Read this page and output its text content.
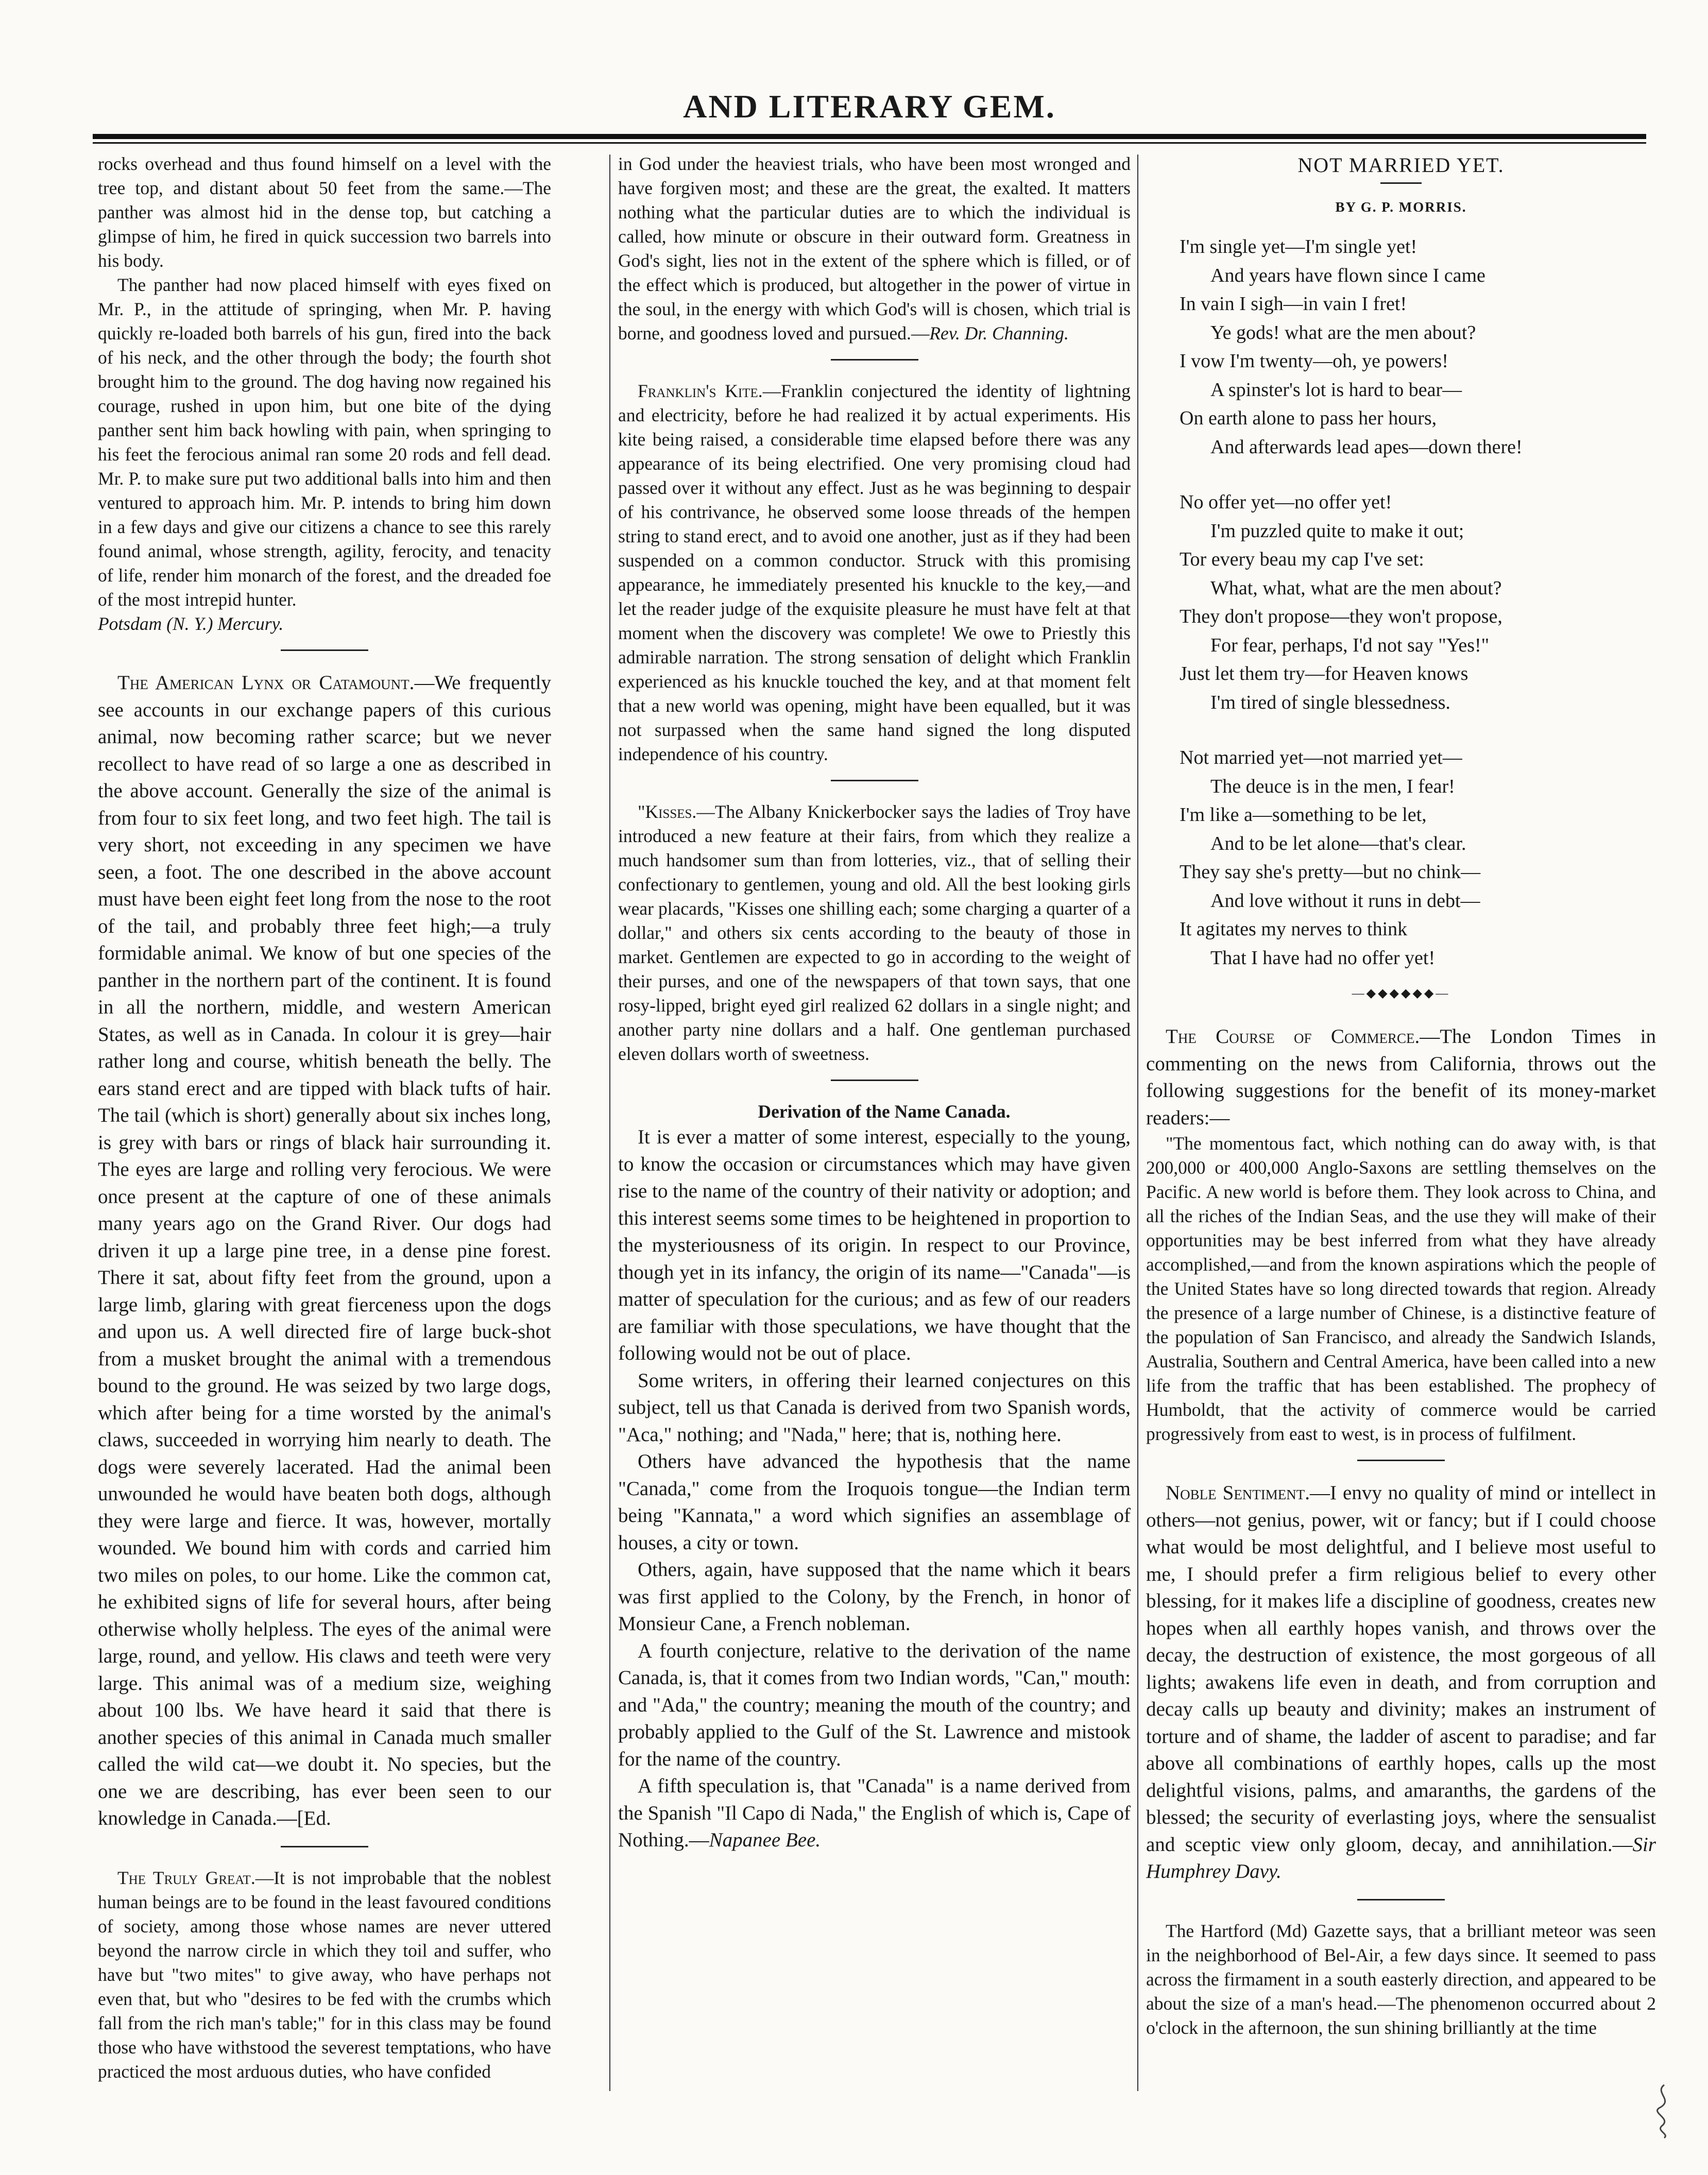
AND LITERARY GEM.

rocks overhead and thus found himself on a level with the tree top, and distant about 50 feet from the same.—The panther was almost hid in the dense top, but catching a glimpse of him, he fired in quick succession two barrels into his body.

The panther had now placed himself with eyes fixed on Mr. P., in the attitude of springing, when Mr. P. having quickly re-loaded both barrels of his gun, fired into the back of his neck, and the other through the body; the fourth shot brought him to the ground. The dog having now regained his courage, rushed in upon him, but one bite of the dying panther sent him back howling with pain, when springing to his feet the ferocious animal ran some 20 rods and fell dead. Mr. P. to make sure put two additional balls into him and then ventured to approach him. Mr. P. intends to bring him down in a few days and give our citizens a chance to see this rarely found animal, whose strength, agility, ferocity, and tenacity of life, render him monarch of the forest, and the dreaded foe of the most intrepid hunter.

Potsdam (N. Y.) Mercury.

The American Lynx or Catamount.—We frequently see accounts in our exchange papers of this curious animal, now becoming rather scarce; but we never recollect to have read of so large a one as described in the above account. Generally the size of the animal is from four to six feet long, and two feet high. The tail is very short, not exceeding in any specimen we have seen, a foot. The one described in the above account must have been eight feet long from the nose to the root of the tail, and probably three feet high;—a truly formidable animal. We know of but one species of the panther in the northern part of the continent. It is found in all the northern, middle, and western American States, as well as in Canada. In colour it is grey—hair rather long and course, whitish beneath the belly. The ears stand erect and are tipped with black tufts of hair. The tail (which is short) generally about six inches long, is grey with bars or rings of black hair surrounding it. The eyes are large and rolling very ferocious. We were once present at the capture of one of these animals many years ago on the Grand River. Our dogs had driven it up a large pine tree, in a dense pine forest. There it sat, about fifty feet from the ground, upon a large limb, glaring with great fierceness upon the dogs and upon us. A well directed fire of large buck-shot from a musket brought the animal with a tremendous bound to the ground. He was seized by two large dogs, which after being for a time worsted by the animal's claws, succeeded in worrying him nearly to death. The dogs were severely lacerated. Had the animal been unwounded he would have beaten both dogs, although they were large and fierce. It was, however, mortally wounded. We bound him with cords and carried him two miles on poles, to our home. Like the common cat, he exhibited signs of life for several hours, after being otherwise wholly helpless. The eyes of the animal were large, round, and yellow. His claws and teeth were very large. This animal was of a medium size, weighing about 100 lbs. We have heard it said that there is another species of this animal in Canada much smaller called the wild cat—we doubt it. No species, but the one we are describing, has ever been seen to our knowledge in Canada.—[Ed.

The Truly Great.—It is not improbable that the noblest human beings are to be found in the least favoured conditions of society, among those whose names are never uttered beyond the narrow circle in which they toil and suffer, who have but "two mites" to give away, who have perhaps not even that, but who "desires to be fed with the crumbs which fall from the rich man's table;" for in this class may be found those who have withstood the severest temptations, who have practiced the most arduous duties, who have confided

in God under the heaviest trials, who have been most wronged and have forgiven most; and these are the great, the exalted. It matters nothing what the particular duties are to which the individual is called, how minute or obscure in their outward form. Greatness in God's sight, lies not in the extent of the sphere which is filled, or of the effect which is produced, but altogether in the power of virtue in the soul, in the energy with which God's will is chosen, which trial is borne, and goodness loved and pursued.—Rev. Dr. Channing.

Franklin's Kite.—Franklin conjectured the identity of lightning and electricity, before he had realized it by actual experiments. His kite being raised, a considerable time elapsed before there was any appearance of its being electrified. One very promising cloud had passed over it without any effect. Just as he was beginning to despair of his contrivance, he observed some loose threads of the hempen string to stand erect, and to avoid one another, just as if they had been suspended on a common conductor. Struck with this promising appearance, he immediately presented his knuckle to the key,—and let the reader judge of the exquisite pleasure he must have felt at that moment when the discovery was complete! We owe to Priestly this admirable narration. The strong sensation of delight which Franklin experienced as his knuckle touched the key, and at that moment felt that a new world was opening, might have been equalled, but it was not surpassed when the same hand signed the long disputed independence of his country.

"Kisses.—The Albany Knickerbocker says the ladies of Troy have introduced a new feature at their fairs, from which they realize a much handsomer sum than from lotteries, viz., that of selling their confectionary to gentlemen, young and old. All the best looking girls wear placards, "Kisses one shilling each; some charging a quarter of a dollar," and others six cents according to the beauty of those in market. Gentlemen are expected to go in according to the weight of their purses, and one of the newspapers of that town says, that one rosy-lipped, bright eyed girl realized 62 dollars in a single night; and another party nine dollars and a half. One gentleman purchased eleven dollars worth of sweetness.

Derivation of the Name Canada.

It is ever a matter of some interest, especially to the young, to know the occasion or circumstances which may have given rise to the name of the country of their nativity or adoption; and this interest seems some times to be heightened in proportion to the mysteriousness of its origin. In respect to our Province, though yet in its infancy, the origin of its name—"Canada"—is matter of speculation for the curious; and as few of our readers are familiar with those speculations, we have thought that the following would not be out of place.

Some writers, in offering their learned conjectures on this subject, tell us that Canada is derived from two Spanish words, "Aca," nothing; and "Nada," here; that is, nothing here.

Others have advanced the hypothesis that the name "Canada," come from the Iroquois tongue—the Indian term being "Kannata," a word which signifies an assemblage of houses, a city or town.

Others, again, have supposed that the name which it bears was first applied to the Colony, by the French, in honor of Monsieur Cane, a French nobleman.

A fourth conjecture, relative to the derivation of the name Canada, is, that it comes from two Indian words, "Can," mouth: and "Ada," the country; meaning the mouth of the country; and probably applied to the Gulf of the St. Lawrence and mistook for the name of the country.

A fifth speculation is, that "Canada" is a name derived from the Spanish "Il Capo di Nada," the English of which is, Cape of Nothing.—Napanee Bee.

NOT MARRIED YET.
BY G. P. MORRIS.
I'm single yet—I'm single yet!
And years have flown since I came
In vain I sigh—in vain I fret!
Ye gods! what are the men about?
I vow I'm twenty—oh, ye powers!
A spinster's lot is hard to bear—
On earth alone to pass her hours,
And afterwards lead apes—down there!
No offer yet—no offer yet!
I'm puzzled quite to make it out;
Tor every beau my cap I've set:
What, what, what are the men about?
They don't propose—they won't propose,
For fear, perhaps, I'd not say "Yes!"
Just let them try—for Heaven knows
I'm tired of single blessedness.
Not married yet—not married yet—
The deuce is in the men, I fear!
I'm like a—something to be let,
And to be let alone—that's clear.
They say she's pretty—but no chink—
And love without it runs in debt—
It agitates my nerves to think
That I have had no offer yet!
—◆◆◆◆◆◆—

The Course of Commerce.—The London Times in commenting on the news from California, throws out the following suggestions for the benefit of its money-market readers:—

"The momentous fact, which nothing can do away with, is that 200,000 or 400,000 Anglo-Saxons are settling themselves on the Pacific. A new world is before them. They look across to China, and all the riches of the Indian Seas, and the use they will make of their opportunities may be best inferred from what they have already accomplished,—and from the known aspirations which the people of the United States have so long directed towards that region. Already the presence of a large number of Chinese, is a distinctive feature of the population of San Francisco, and already the Sandwich Islands, Australia, Southern and Central America, have been called into a new life from the traffic that has been established. The prophecy of Humboldt, that the activity of commerce would be carried progressively from east to west, is in process of fulfilment.

Noble Sentiment.—I envy no quality of mind or intellect in others—not genius, power, wit or fancy; but if I could choose what would be most delightful, and I believe most useful to me, I should prefer a firm religious belief to every other blessing, for it makes life a discipline of goodness, creates new hopes when all earthly hopes vanish, and throws over the decay, the destruction of existence, the most gorgeous of all lights; awakens life even in death, and from corruption and decay calls up beauty and divinity; makes an instrument of torture and of shame, the ladder of ascent to paradise; and far above all combinations of earthly hopes, calls up the most delightful visions, palms, and amaranths, the gardens of the blessed; the security of everlasting joys, where the sensualist and sceptic view only gloom, decay, and annihilation.—Sir Humphrey Davy.

The Hartford (Md) Gazette says, that a brilliant meteor was seen in the neighborhood of Bel-Air, a few days since. It seemed to pass across the firmament in a south easterly direction, and appeared to be about the size of a man's head.—The phenomenon occurred about 2 o'clock in the afternoon, the sun shining brilliantly at the time
